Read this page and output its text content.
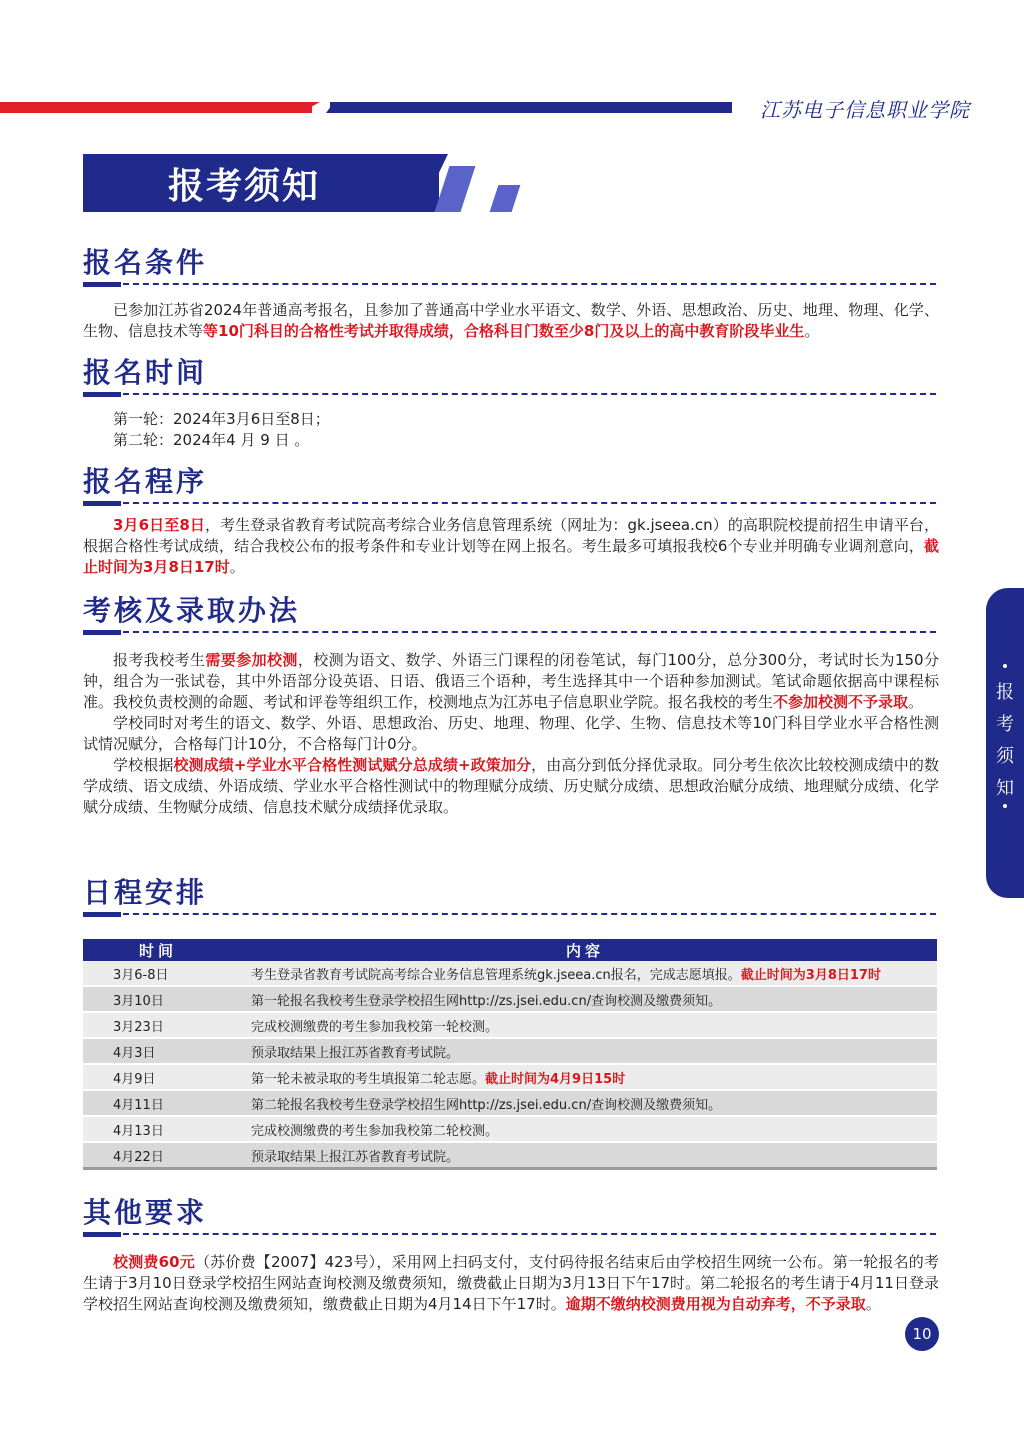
江苏电子信息职业学院
报考须知
报名条件

已参加江苏省2024年普通高考报名，且参加了普通高中学业水平语文、数学、外语、思想政治、历史、地理、物理、化学、生物、信息技术等等10门科目的合格性考试并取得成绩，合格科目门数至少8门及以上的高中教育阶段毕业生。

报名时间
第一轮：2024年3月6日至8日；
第二轮：2024年4 月 9 日 。
报名程序

3月6日至8日，考生登录省教育考试院高考综合业务信息管理系统（网址为：gk.jseea.cn）的高职院校提前招生申请平台，根据合格性考试成绩，结合我校公布的报考条件和专业计划等在网上报名。考生最多可填报我校6个专业并明确专业调剂意向，截止时间为3月8日17时。

考核及录取办法

报考我校考生需要参加校测，校测为语文、数学、外语三门课程的闭卷笔试，每门100分，总分300分，考试时长为150分钟，组合为一张试卷，其中外语部分设英语、日语、俄语三个语种，考生选择其中一个语种参加测试。笔试命题依据高中课程标准。我校负责校测的命题、考试和评卷等组织工作，校测地点为江苏电子信息职业学院。报名我校的考生不参加校测不予录取。

学校同时对考生的语文、数学、外语、思想政治、历史、地理、物理、化学、生物、信息技术等10门科目学业水平合格性测试情况赋分，合格每门计10分，不合格每门计0分。

学校根据校测成绩+学业水平合格性测试赋分总成绩+政策加分，由高分到低分择优录取。同分考生依次比较校测成绩中的数学成绩、语文成绩、外语成绩、学业水平合格性测试中的物理赋分成绩、历史赋分成绩、思想政治赋分成绩、地理赋分成绩、化学赋分成绩、生物赋分成绩、信息技术赋分成绩择优录取。

日程安排
时间	内容
3月6-8日	考生登录省教育考试院高考综合业务信息管理系统gk.jseea.cn报名，完成志愿填报。截止时间为3月8日17时
3月10日	第一轮报名我校考生登录学校招生网http://zs.jsei.edu.cn/查询校测及缴费须知。
3月23日	完成校测缴费的考生参加我校第一轮校测。
4月3日	预录取结果上报江苏省教育考试院。
4月9日	第一轮未被录取的考生填报第二轮志愿。截止时间为4月9日15时
4月11日	第二轮报名我校考生登录学校招生网http://zs.jsei.edu.cn/查询校测及缴费须知。
4月13日	完成校测缴费的考生参加我校第二轮校测。
4月22日	预录取结果上报江苏省教育考试院。
其他要求

校测费60元（苏价费【2007】423号），采用网上扫码支付，支付码待报名结束后由学校招生网统一公布。第一轮报名的考生请于3月10日登录学校招生网站查询校测及缴费须知，缴费截止日期为3月13日下午17时。第二轮报名的考生请于4月11日登录学校招生网站查询校测及缴费须知，缴费截止日期为4月14日下午17时。逾期不缴纳校测费用视为自动弃考，不予录取。

报
考
须
知
10
